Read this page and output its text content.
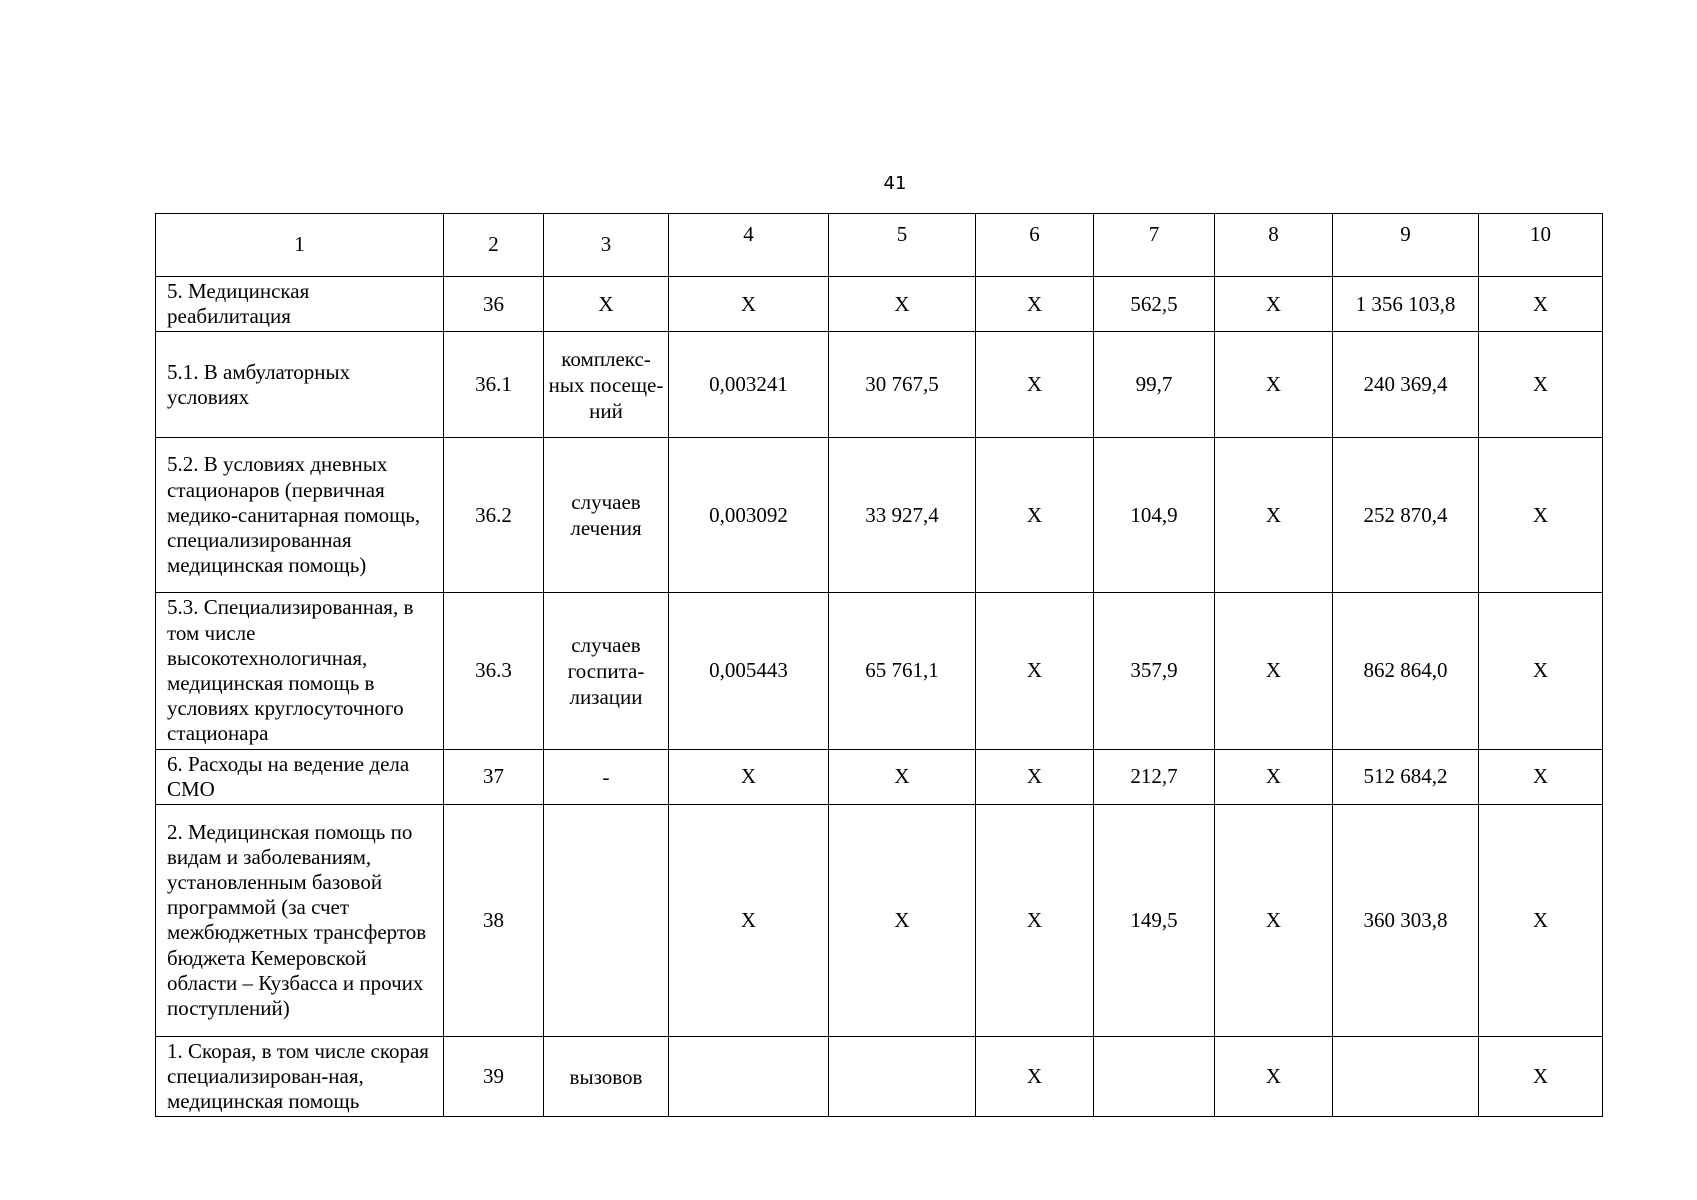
41
1	2	3	4	5	6	7	8	9	10
5. Медицинская реабилитация	36	X	X	X	X	562,5	X	1 356 103,8	X
5.1. В амбулаторных условиях	36.1	комплекс-ных посеще-ний	0,003241	30 767,5	X	99,7	X	240 369,4	X
5.2. В условиях дневных стационаров (первичная медико-санитарная помощь, специализированная медицинская помощь)	36.2	случаев лечения	0,003092	33 927,4	X	104,9	X	252 870,4	X
5.3. Специализированная, в том числе высокотехнологичная, медицинская помощь в условиях круглосуточного стационара	36.3	случаев госпита-лизации	0,005443	65 761,1	X	357,9	X	862 864,0	X
6. Расходы на ведение дела СМО	37	-	X	X	X	212,7	X	512 684,2	X
2. Медицинская помощь по видам и заболеваниям, установленным базовой программой (за счет межбюджетных трансфертов бюджета Кемеровской области – Кузбасса и прочих поступлений)	38		X	X	X	149,5	X	360 303,8	X
1. Скорая, в том числе скорая специализирован-ная, медицинская помощь	39	вызовов			X		X		X
